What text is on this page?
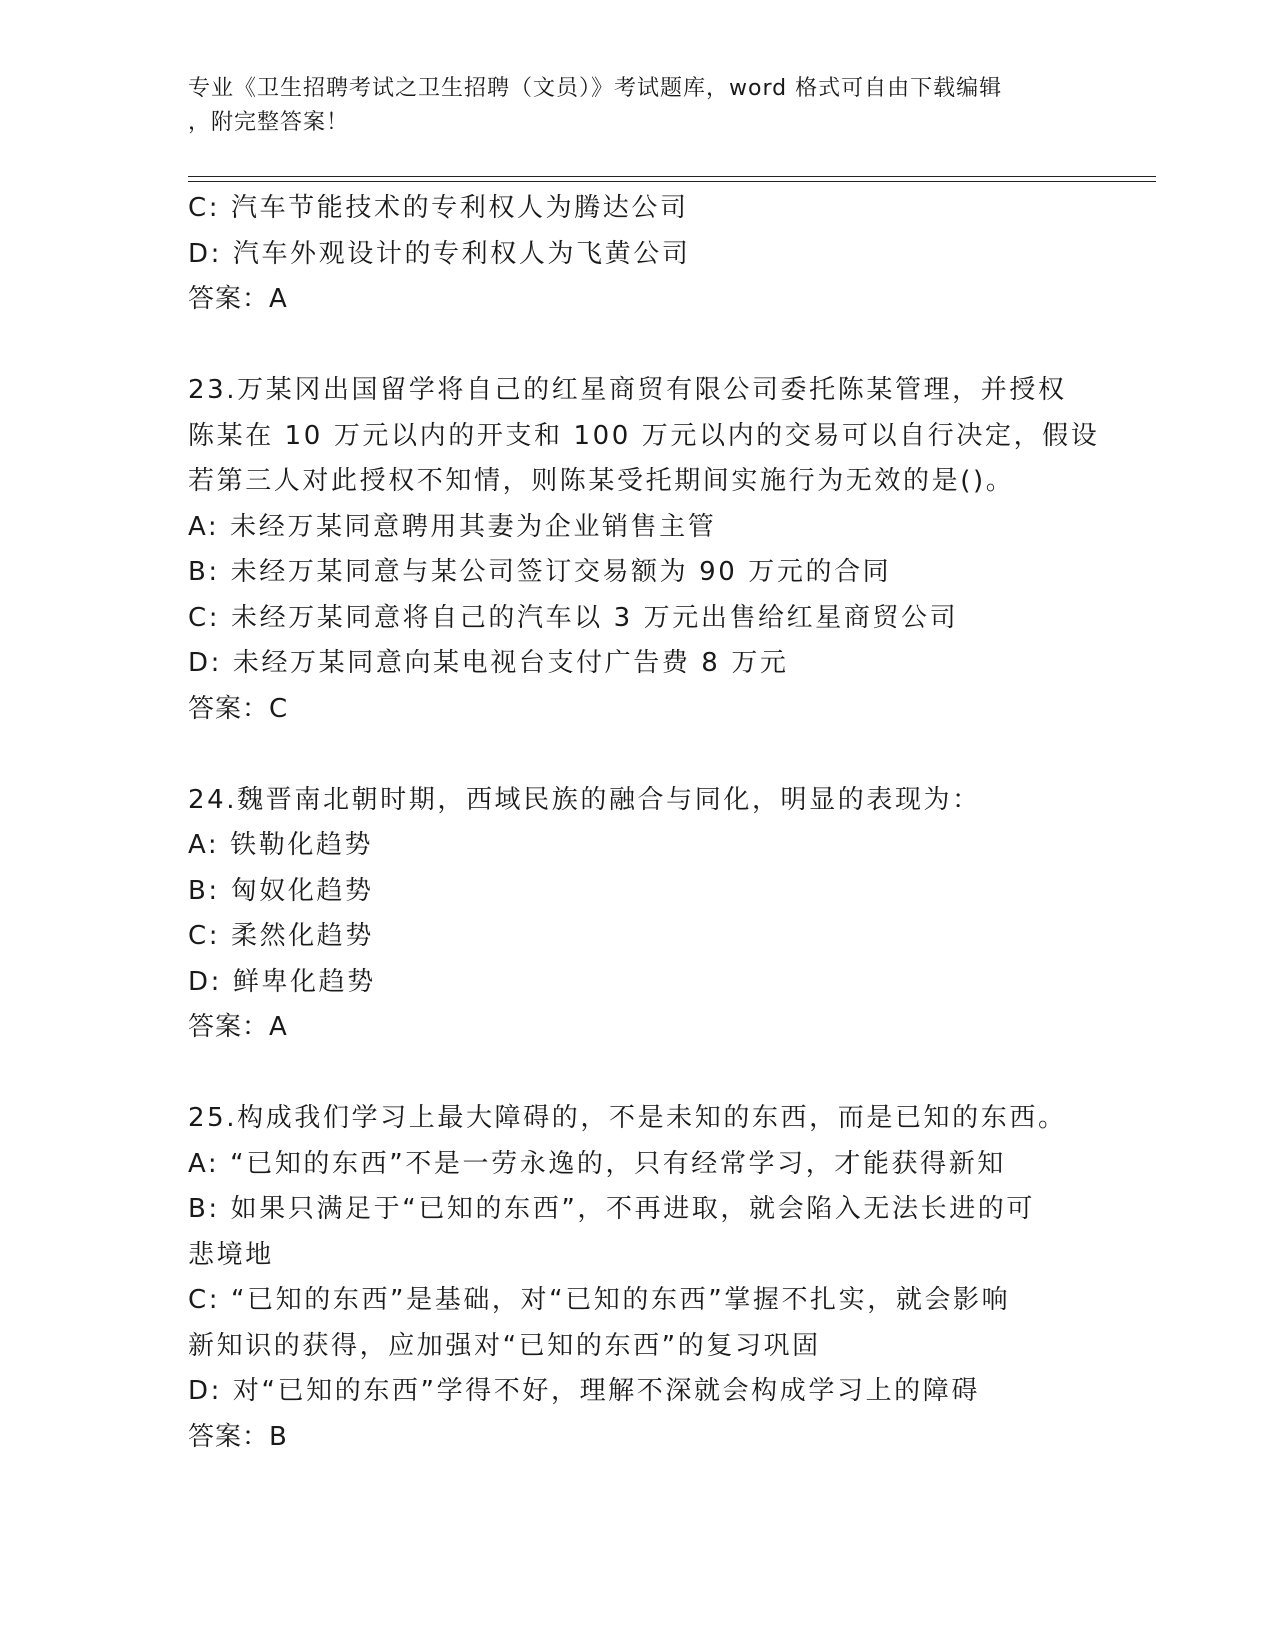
专业《卫生招聘考试之卫生招聘（文员）》考试题库，word 格式可自由下载编辑
，附完整答案！
C: 汽车节能技术的专利权人为腾达公司
D: 汽车外观设计的专利权人为飞黄公司
答案：A
23.万某冈出国留学将自己的红星商贸有限公司委托陈某管理，并授权
陈某在 10 万元以内的开支和 100 万元以内的交易可以自行决定，假设
若第三人对此授权不知情，则陈某受托期间实施行为无效的是()。
A: 未经万某同意聘用其妻为企业销售主管
B: 未经万某同意与某公司签订交易额为 90 万元的合同
C: 未经万某同意将自己的汽车以 3 万元出售给红星商贸公司
D: 未经万某同意向某电视台支付广告费 8 万元
答案：C
24.魏晋南北朝时期，西域民族的融合与同化，明显的表现为：
A: 铁勒化趋势
B: 匈奴化趋势
C: 柔然化趋势
D: 鲜卑化趋势
答案：A
25.构成我们学习上最大障碍的，不是未知的东西，而是已知的东西。
A: “已知的东西”不是一劳永逸的，只有经常学习，才能获得新知
B: 如果只满足于“已知的东西”，不再进取，就会陷入无法长进的可
悲境地
C: “已知的东西”是基础，对“已知的东西”掌握不扎实，就会影响
新知识的获得，应加强对“已知的东西”的复习巩固
D: 对“已知的东西”学得不好，理解不深就会构成学习上的障碍
答案：B
